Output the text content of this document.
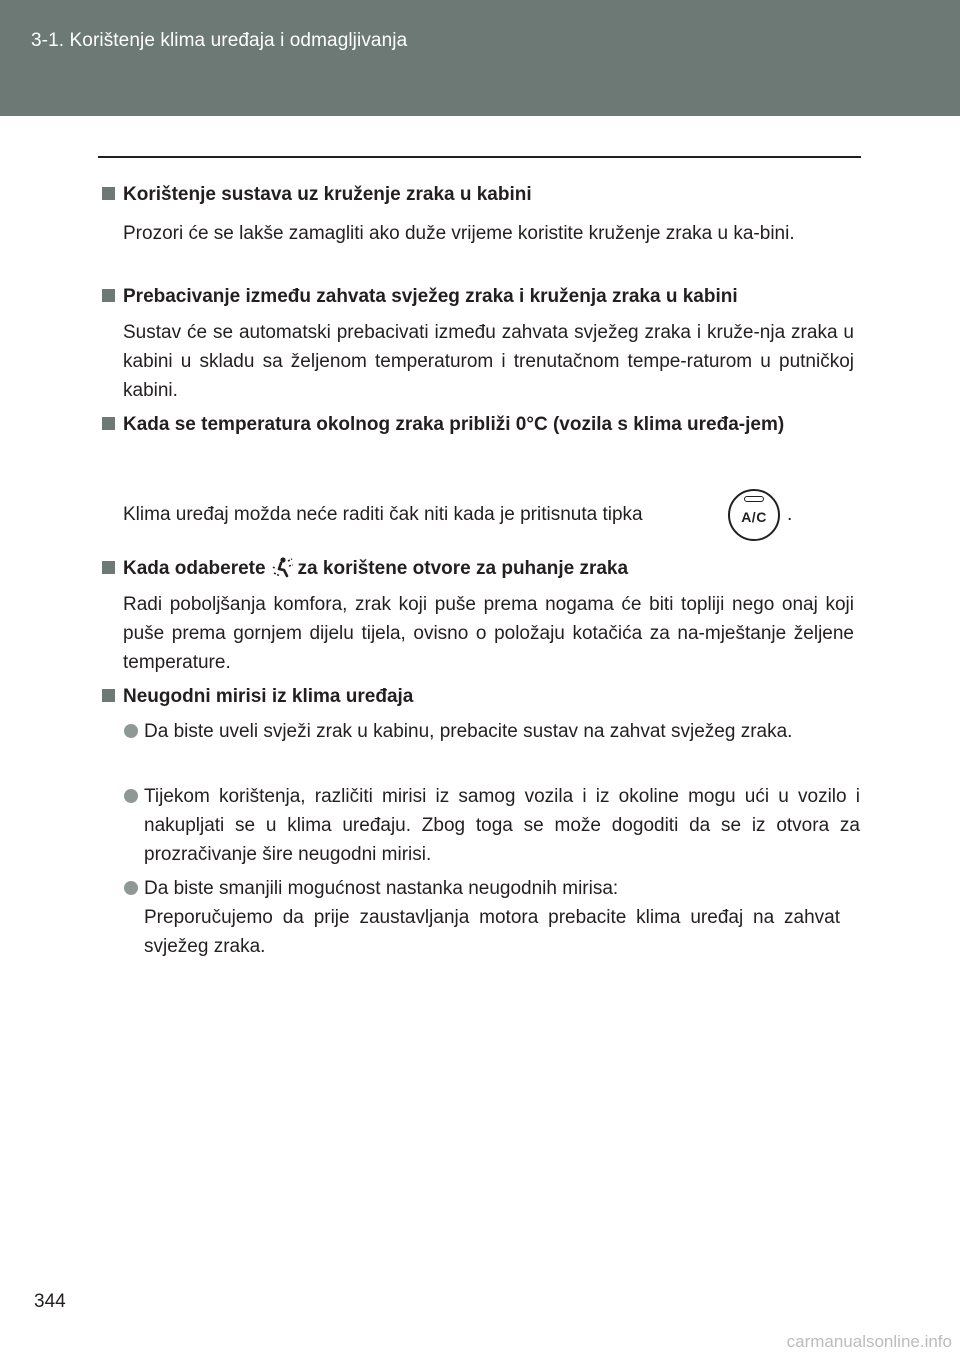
3-1. Korištenje klima uređaja i odmagljivanja
Korištenje sustava uz kruženje zraka u kabini
Prozori će se lakše zamagliti ako duže vrijeme koristite kruženje zraka u ka-bini.
Prebacivanje između zahvata svježeg zraka i kruženja zraka u kabini
Sustav će se automatski prebacivati između zahvata svježeg zraka i kruže-nja zraka u kabini u skladu sa željenom temperaturom i trenutačnom tempe-raturom u putničkoj kabini.
Kada se temperatura okolnog zraka približi 0°C (vozila s klima uređa-jem)
Klima uređaj možda neće raditi čak niti kada je pritisnuta tipka	A/C	.
Kada odaberete za korištene otvore za puhanje zraka
Radi poboljšanja komfora, zrak koji puše prema nogama će biti topliji nego onaj koji puše prema gornjem dijelu tijela, ovisno o položaju kotačića za na-mještanje željene temperature.
Neugodni mirisi iz klima uređaja
Da biste uveli svježi zrak u kabinu, prebacite sustav na zahvat svježeg zraka.
Tijekom korištenja, različiti mirisi iz samog vozila i iz okoline mogu ući u vozilo i nakupljati se u klima uređaju. Zbog toga se može dogoditi da se iz otvora za prozračivanje šire neugodni mirisi.
Da biste smanjili mogućnost nastanka neugodnih mirisa:
Preporučujemo da prije zaustavljanja motora prebacite klima uređaj na zahvat svježeg zraka.
344
carmanualsonline.info
